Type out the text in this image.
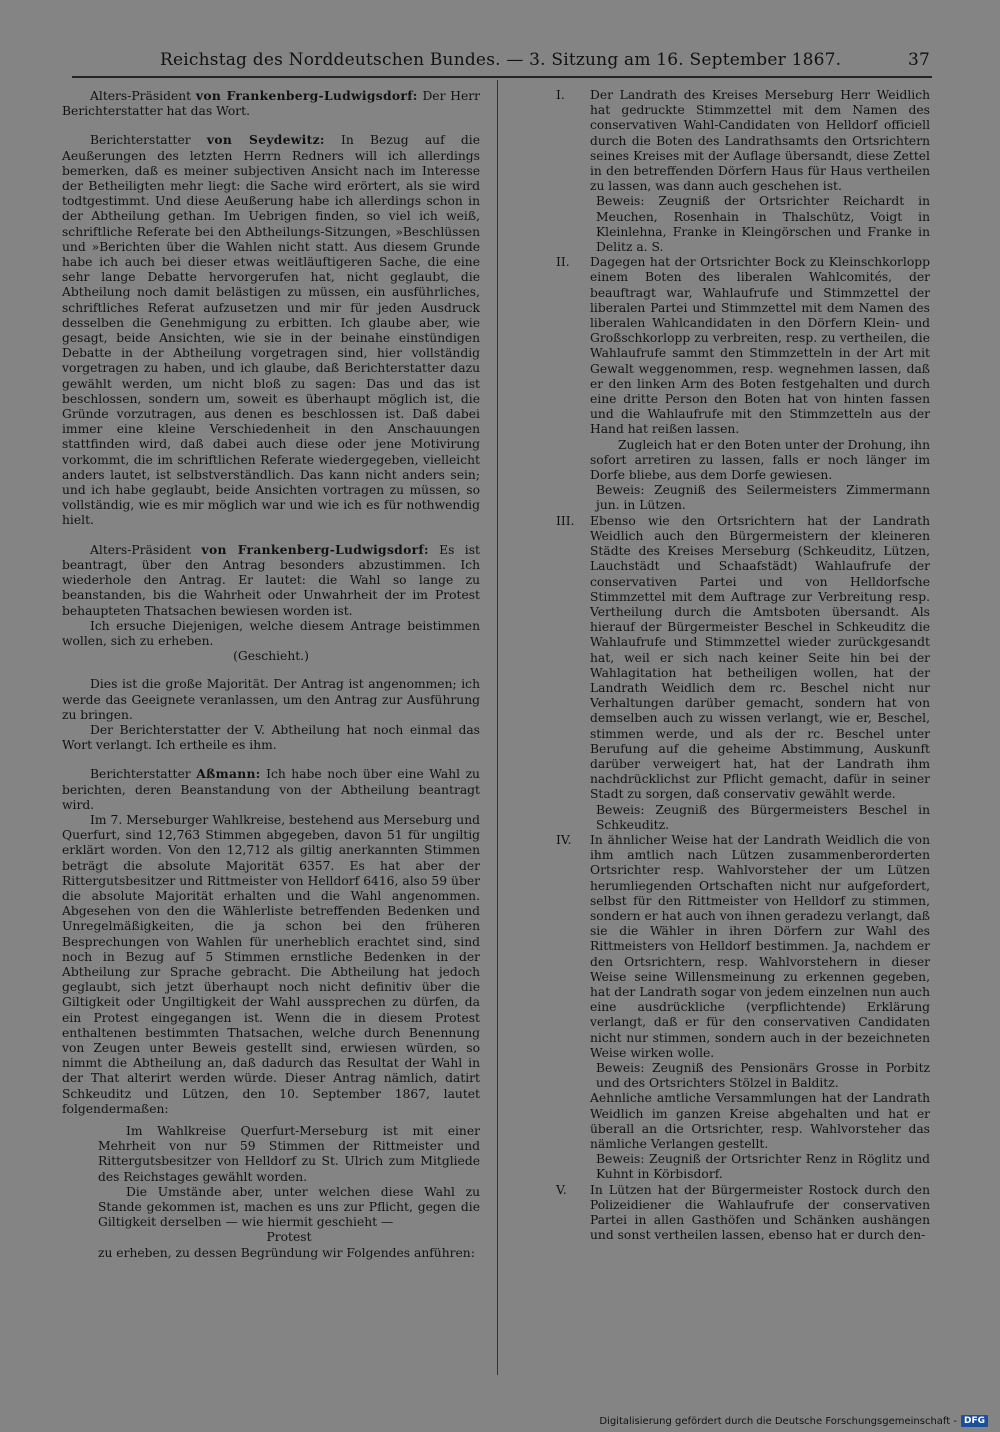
Reichstag des Norddeutschen Bundes. — 3. Sitzung am 16. September 1867.	37

Alters-Präsident von Frankenberg-Ludwigsdorf: Der Herr Berichterstatter hat das Wort.

Berichterstatter von Seydewitz: In Bezug auf die Aeußerungen des letzten Herrn Redners will ich allerdings bemerken, daß es meiner subjectiven Ansicht nach im Interesse der Betheiligten mehr liegt: die Sache wird erörtert, als sie wird todtgestimmt. Und diese Aeußerung habe ich allerdings schon in der Abtheilung gethan. Im Uebrigen finden, so viel ich weiß, schriftliche Referate bei den Abtheilungs-Sitzungen, »Beschlüssen und »Berichten über die Wahlen nicht statt. Aus diesem Grunde habe ich auch bei dieser etwas weitläuftigeren Sache, die eine sehr lange Debatte hervorgerufen hat, nicht geglaubt, die Abtheilung noch damit belästigen zu müssen, ein ausführliches, schriftliches Referat aufzusetzen und mir für jeden Ausdruck desselben die Genehmigung zu erbitten. Ich glaube aber, wie gesagt, beide Ansichten, wie sie in der beinahe einstündigen Debatte in der Abtheilung vorgetragen sind, hier vollständig vorgetragen zu haben, und ich glaube, daß Berichterstatter dazu gewählt werden, um nicht bloß zu sagen: Das und das ist beschlossen, sondern um, soweit es überhaupt möglich ist, die Gründe vorzutragen, aus denen es beschlossen ist. Daß dabei immer eine kleine Verschiedenheit in den Anschauungen stattfinden wird, daß dabei auch diese oder jene Motivirung vorkommt, die im schriftlichen Referate wiedergegeben, vielleicht anders lautet, ist selbstverständlich. Das kann nicht anders sein; und ich habe geglaubt, beide Ansichten vortragen zu müssen, so vollständig, wie es mir möglich war und wie ich es für nothwendig hielt.

Alters-Präsident von Frankenberg-Ludwigsdorf: Es ist beantragt, über den Antrag besonders abzustimmen. Ich wiederhole den Antrag. Er lautet: die Wahl so lange zu beanstanden, bis die Wahrheit oder Unwahrheit der im Protest behaupteten Thatsachen bewiesen worden ist.

Ich ersuche Diejenigen, welche diesem Antrage beistimmen wollen, sich zu erheben.

(Geschieht.)

Dies ist die große Majorität. Der Antrag ist angenommen; ich werde das Geeignete veranlassen, um den Antrag zur Ausführung zu bringen.

Der Berichterstatter der V. Abtheilung hat noch einmal das Wort verlangt. Ich ertheile es ihm.

Berichterstatter Aßmann: Ich habe noch über eine Wahl zu berichten, deren Beanstandung von der Abtheilung beantragt wird.

Im 7. Merseburger Wahlkreise, bestehend aus Merseburg und Querfurt, sind 12,763 Stimmen abgegeben, davon 51 für ungiltig erklärt worden. Von den 12,712 als giltig anerkannten Stimmen beträgt die absolute Majorität 6357. Es hat aber der Rittergutsbesitzer und Rittmeister von Helldorf 6416, also 59 über die absolute Majorität erhalten und die Wahl angenommen. Abgesehen von den die Wählerliste betreffenden Bedenken und Unregelmäßigkeiten, die ja schon bei den früheren Besprechungen von Wahlen für unerheblich erachtet sind, sind noch in Bezug auf 5 Stimmen ernstliche Bedenken in der Abtheilung zur Sprache gebracht. Die Abtheilung hat jedoch geglaubt, sich jetzt überhaupt noch nicht definitiv über die Giltigkeit oder Ungiltigkeit der Wahl aussprechen zu dürfen, da ein Protest eingegangen ist. Wenn die in diesem Protest enthaltenen bestimmten Thatsachen, welche durch Benennung von Zeugen unter Beweis gestellt sind, erwiesen würden, so nimmt die Abtheilung an, daß dadurch das Resultat der Wahl in der That alterirt werden würde. Dieser Antrag nämlich, datirt Schkeuditz und Lützen, den 10. September 1867, lautet folgendermaßen:

Im Wahlkreise Querfurt-Merseburg ist mit einer Mehrheit von nur 59 Stimmen der Rittmeister und Rittergutsbesitzer von Helldorf zu St. Ulrich zum Mitgliede des Reichstages gewählt worden.

Die Umstände aber, unter welchen diese Wahl zu Stande gekommen ist, machen es uns zur Pflicht, gegen die Giltigkeit derselben — wie hiermit geschieht —

Protest

zu erheben, zu dessen Begründung wir Folgendes anführen:

I.	Der Landrath des Kreises Merseburg Herr Weidlich hat gedruckte Stimmzettel mit dem Namen des conservativen Wahl-Candidaten von Helldorf officiell durch die Boten des Landrathsamts den Ortsrichtern seines Kreises mit der Auflage übersandt, diese Zettel in den betreffenden Dörfern Haus für Haus vertheilen zu lassen, was dann auch geschehen ist.

Beweis: Zeugniß der Ortsrichter Reichardt in Meuchen, Rosenhain in Thalschütz, Voigt in Kleinlehna, Franke in Kleingörschen und Franke in Delitz a. S.

II.	Dagegen hat der Ortsrichter Bock zu Kleinschkorlopp einem Boten des liberalen Wahlcomités, der beauftragt war, Wahlaufrufe und Stimmzettel der liberalen Partei und Stimmzettel mit dem Namen des liberalen Wahlcandidaten in den Dörfern Klein- und Großschkorlopp zu verbreiten, resp. zu vertheilen, die Wahlaufrufe sammt den Stimmzetteln in der Art mit Gewalt weggenommen, resp. wegnehmen lassen, daß er den linken Arm des Boten festgehalten und durch eine dritte Person den Boten hat von hinten fassen und die Wahlaufrufe mit den Stimmzetteln aus der Hand hat reißen lassen.

Zugleich hat er den Boten unter der Drohung, ihn sofort arretiren zu lassen, falls er noch länger im Dorfe bliebe, aus dem Dorfe gewiesen.

Beweis: Zeugniß des Seilermeisters Zimmermann jun. in Lützen.

III.	Ebenso wie den Ortsrichtern hat der Landrath Weidlich auch den Bürgermeistern der kleineren Städte des Kreises Merseburg (Schkeuditz, Lützen, Lauchstädt und Schaafstädt) Wahlaufrufe der conservativen Partei und von Helldorfsche Stimmzettel mit dem Auftrage zur Verbreitung resp. Vertheilung durch die Amtsboten übersandt. Als hierauf der Bürgermeister Beschel in Schkeuditz die Wahlaufrufe und Stimmzettel wieder zurückgesandt hat, weil er sich nach keiner Seite hin bei der Wahlagitation hat betheiligen wollen, hat der Landrath Weidlich dem rc. Beschel nicht nur Verhaltungen darüber gemacht, sondern hat von demselben auch zu wissen verlangt, wie er, Beschel, stimmen werde, und als der rc. Beschel unter Berufung auf die geheime Abstimmung, Auskunft darüber verweigert hat, hat der Landrath ihm nachdrücklichst zur Pflicht gemacht, dafür in seiner Stadt zu sorgen, daß conservativ gewählt werde.

Beweis: Zeugniß des Bürgermeisters Beschel in Schkeuditz.

IV.	In ähnlicher Weise hat der Landrath Weidlich die von ihm amtlich nach Lützen zusammenberorderten Ortsrichter resp. Wahlvorsteher der um Lützen herumliegenden Ortschaften nicht nur aufgefordert, selbst für den Rittmeister von Helldorf zu stimmen, sondern er hat auch von ihnen geradezu verlangt, daß sie die Wähler in ihren Dörfern zur Wahl des Rittmeisters von Helldorf bestimmen. Ja, nachdem er den Ortsrichtern, resp. Wahlvorstehern in dieser Weise seine Willensmeinung zu erkennen gegeben, hat der Landrath sogar von jedem einzelnen nun auch eine ausdrückliche (verpflichtende) Erklärung verlangt, daß er für den conservativen Candidaten nicht nur stimmen, sondern auch in der bezeichneten Weise wirken wolle.

Beweis: Zeugniß des Pensionärs Grosse in Porbitz und des Ortsrichters Stölzel in Balditz.

Aehnliche amtliche Versammlungen hat der Landrath Weidlich im ganzen Kreise abgehalten und hat er überall an die Ortsrichter, resp. Wahlvorsteher das nämliche Verlangen gestellt.

Beweis: Zeugniß der Ortsrichter Renz in Röglitz und Kuhnt in Körbisdorf.

V.	In Lützen hat der Bürgermeister Rostock durch den Polizeidiener die Wahlaufrufe der conservativen Partei in allen Gasthöfen und Schänken aushängen und sonst vertheilen lassen, ebenso hat er durch den-
Digitalisierung gefördert durch die Deutsche Forschungsgemeinschaft - DFG
